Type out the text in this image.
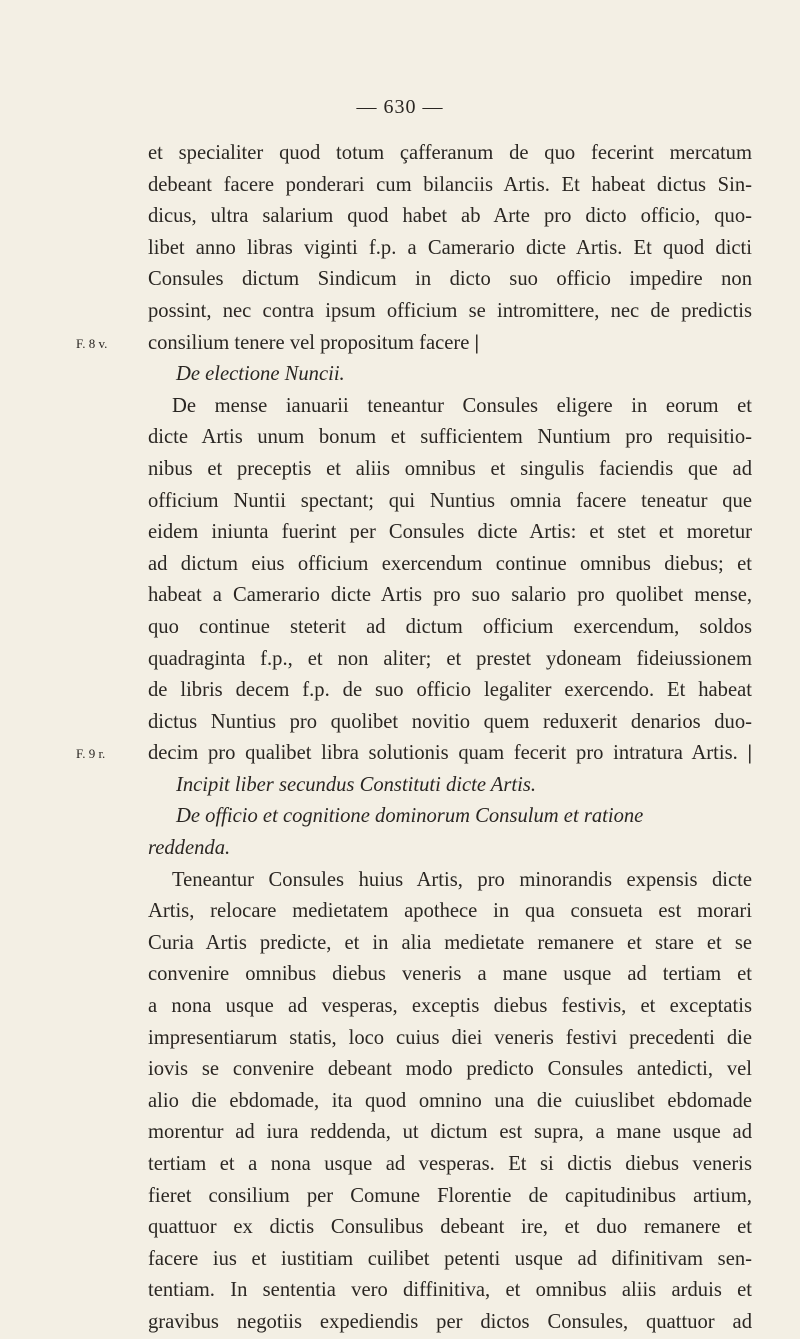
— 630 —
et specialiter quod totum çafferanum de quo fecerint mercatum
debeant facere ponderari cum bilanciis Artis. Et habeat dictus Sin-
dicus, ultra salarium quod habet ab Arte pro dicto officio, quo-
libet anno libras viginti f.p. a Camerario dicte Artis. Et quod dicti
Consules dictum Sindicum in dicto suo officio impedire non
possint, nec contra ipsum officium se intromittere, nec de predictis
F. 8 v.	consilium tenere vel propositum facere |
De electione Nuncii.
De mense ianuarii teneantur Consules eligere in eorum et
dicte Artis unum bonum et sufficientem Nuntium pro requisitio-
nibus et preceptis et aliis omnibus et singulis faciendis que ad
officium Nuntii spectant; qui Nuntius omnia facere teneatur que
eidem iniunta fuerint per Consules dicte Artis: et stet et moretur
ad dictum eius officium exercendum continue omnibus diebus; et
habeat a Camerario dicte Artis pro suo salario pro quolibet mense,
quo continue steterit ad dictum officium exercendum, soldos
quadraginta f.p., et non aliter; et prestet ydoneam fideiussionem
de libris decem f.p. de suo officio legaliter exercendo. Et habeat
dictus Nuntius pro quolibet novitio quem reduxerit denarios duo-
F. 9 r.	decim pro qualibet libra solutionis quam fecerit pro intratura Artis. |
Incipit liber secundus Constituti dicte Artis.
De officio et cognitione dominorum Consulum et ratione
reddenda.
Teneantur Consules huius Artis, pro minorandis expensis dicte
Artis, relocare medietatem apothece in qua consueta est morari
Curia Artis predicte, et in alia medietate remanere et stare et se
convenire omnibus diebus veneris a mane usque ad tertiam et
a nona usque ad vesperas, exceptis diebus festivis, et exceptatis
impresentiarum statis, loco cuius diei veneris festivi precedenti die
iovis se convenire debeant modo predicto Consules antedicti, vel
alio die ebdomade, ita quod omnino una die cuiuslibet ebdomade
morentur ad iura reddenda, ut dictum est supra, a mane usque ad
tertiam et a nona usque ad vesperas. Et si dictis diebus veneris
fieret consilium per Comune Florentie de capitudinibus artium,
quattuor ex dictis Consulibus debeant ire, et duo remanere et
facere ius et iustitiam cuilibet petenti usque ad difinitivam sen-
tentiam. In sententia vero diffinitiva, et omnibus aliis arduis et
gravibus negotiis expediendis per dictos Consules, quattuor ad
